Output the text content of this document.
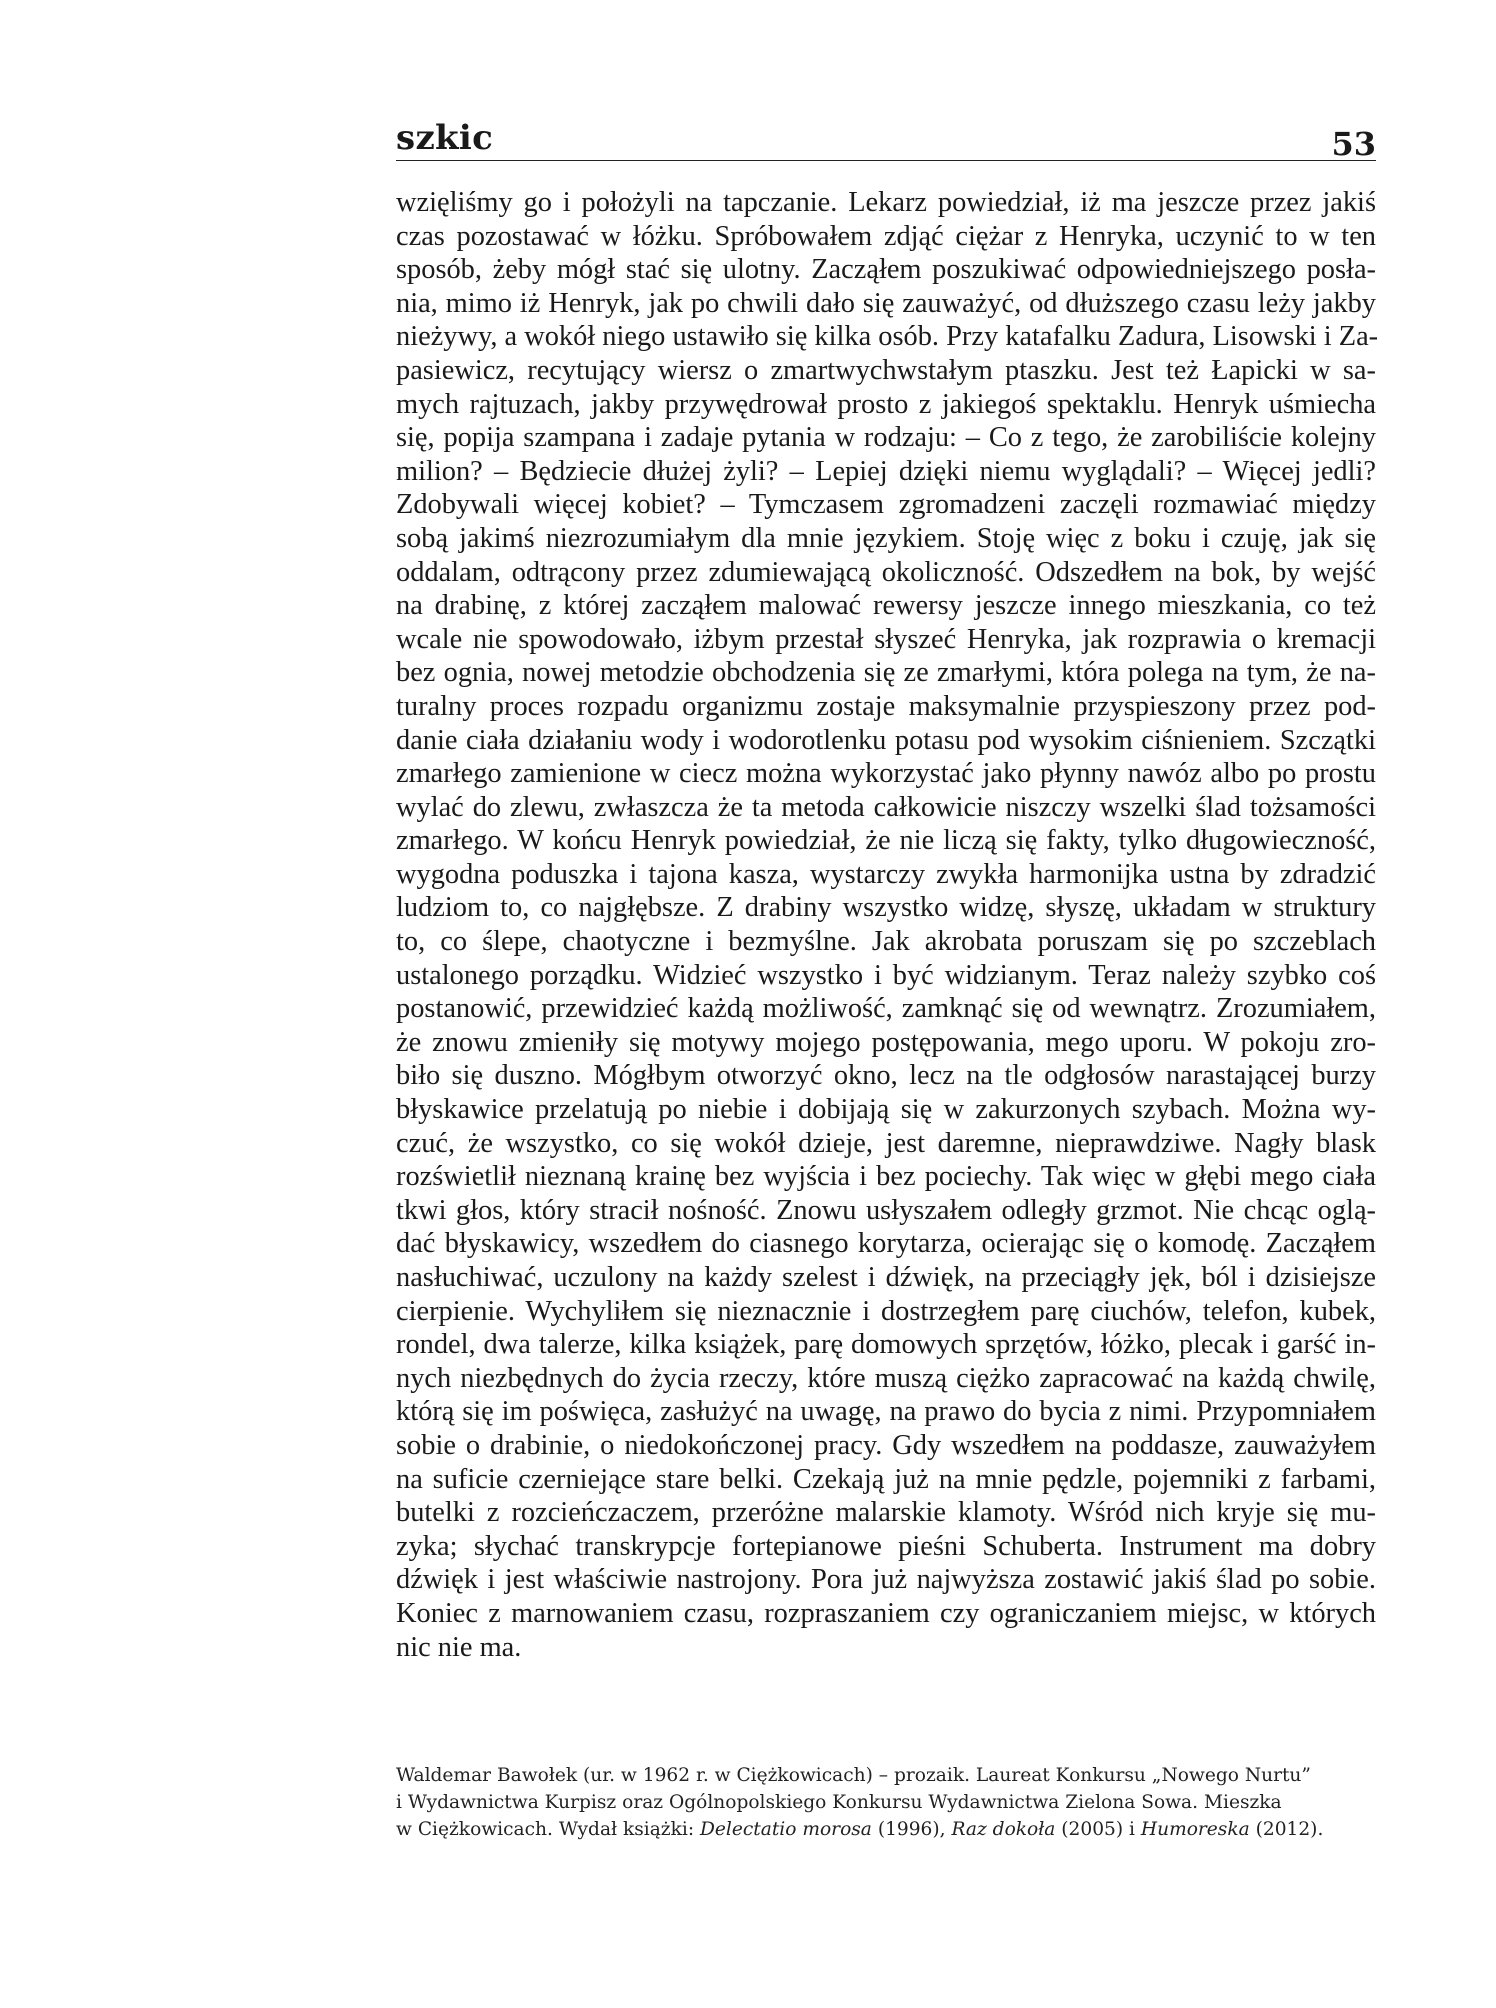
szkic	53
wzięliśmy go i położyli na tapczanie. Lekarz powiedział, iż ma jeszcze przez jakiś
czas pozostawać w łóżku. Spróbowałem zdjąć ciężar z Henryka, uczynić to w ten
sposób, żeby mógł stać się ulotny. Zacząłem poszukiwać odpowiedniejszego posła-
nia, mimo iż Henryk, jak po chwili dało się zauważyć, od dłuższego czasu leży jakby
nieżywy, a wokół niego ustawiło się kilka osób. Przy katafalku Zadura, Lisowski i Za-
pasiewicz, recytujący wiersz o zmartwychwstałym ptaszku. Jest też Łapicki w sa-
mych rajtuzach, jakby przywędrował prosto z jakiegoś spektaklu. Henryk uśmiecha
się, popija szampana i zadaje pytania w rodzaju: – Co z tego, że zarobiliście kolejny
milion? – Będziecie dłużej żyli? – Lepiej dzięki niemu wyglądali? – Więcej jedli?
Zdobywali więcej kobiet? – Tymczasem zgromadzeni zaczęli rozmawiać między
sobą jakimś niezrozumiałym dla mnie językiem. Stoję więc z boku i czuję, jak się
oddalam, odtrącony przez zdumiewającą okoliczność. Odszedłem na bok, by wejść
na drabinę, z której zacząłem malować rewersy jeszcze innego mieszkania, co też
wcale nie spowodowało, iżbym przestał słyszeć Henryka, jak rozprawia o kremacji
bez ognia, nowej metodzie obchodzenia się ze zmarłymi, która polega na tym, że na-
turalny proces rozpadu organizmu zostaje maksymalnie przyspieszony przez pod-
danie ciała działaniu wody i wodorotlenku potasu pod wysokim ciśnieniem. Szczątki
zmarłego zamienione w ciecz można wykorzystać jako płynny nawóz albo po prostu
wylać do zlewu, zwłaszcza że ta metoda całkowicie niszczy wszelki ślad tożsamości
zmarłego. W końcu Henryk powiedział, że nie liczą się fakty, tylko długowieczność,
wygodna poduszka i tajona kasza, wystarczy zwykła harmonijka ustna by zdradzić
ludziom to, co najgłębsze. Z drabiny wszystko widzę, słyszę, układam w struktury
to, co ślepe, chaotyczne i bezmyślne. Jak akrobata poruszam się po szczeblach
ustalonego porządku. Widzieć wszystko i być widzianym. Teraz należy szybko coś
postanowić, przewidzieć każdą możliwość, zamknąć się od wewnątrz. Zrozumiałem,
że znowu zmieniły się motywy mojego postępowania, mego uporu. W pokoju zro-
biło się duszno. Mógłbym otworzyć okno, lecz na tle odgłosów narastającej burzy
błyskawice przelatują po niebie i dobijają się w zakurzonych szybach. Można wy-
czuć, że wszystko, co się wokół dzieje, jest daremne, nieprawdziwe. Nagły blask
rozświetlił nieznaną krainę bez wyjścia i bez pociechy. Tak więc w głębi mego ciała
tkwi głos, który stracił nośność. Znowu usłyszałem odległy grzmot. Nie chcąc oglą-
dać błyskawicy, wszedłem do ciasnego korytarza, ocierając się o komodę. Zacząłem
nasłuchiwać, uczulony na każdy szelest i dźwięk, na przeciągły jęk, ból i dzisiejsze
cierpienie. Wychyliłem się nieznacznie i dostrzegłem parę ciuchów, telefon, kubek,
rondel, dwa talerze, kilka książek, parę domowych sprzętów, łóżko, plecak i garść in-
nych niezbędnych do życia rzeczy, które muszą ciężko zapracować na każdą chwilę,
którą się im poświęca, zasłużyć na uwagę, na prawo do bycia z nimi. Przypomniałem
sobie o drabinie, o niedokończonej pracy. Gdy wszedłem na poddasze, zauważyłem
na suficie czerniejące stare belki. Czekają już na mnie pędzle, pojemniki z farbami,
butelki z rozcieńczaczem, przeróżne malarskie klamoty. Wśród nich kryje się mu-
zyka; słychać transkrypcje fortepianowe pieśni Schuberta. Instrument ma dobry
dźwięk i jest właściwie nastrojony. Pora już najwyższa zostawić jakiś ślad po sobie.
Koniec z marnowaniem czasu, rozpraszaniem czy ograniczaniem miejsc, w których
nic nie ma.
Waldemar Bawołek (ur. w 1962 r. w Ciężkowicach) – prozaik. Laureat Konkursu „Nowego Nurtu”
i Wydawnictwa Kurpisz oraz Ogólnopolskiego Konkursu Wydawnictwa Zielona Sowa. Mieszka
w Ciężkowicach. Wydał książki: Delectatio morosa (1996), Raz dokoła (2005) i Humoreska (2012).
